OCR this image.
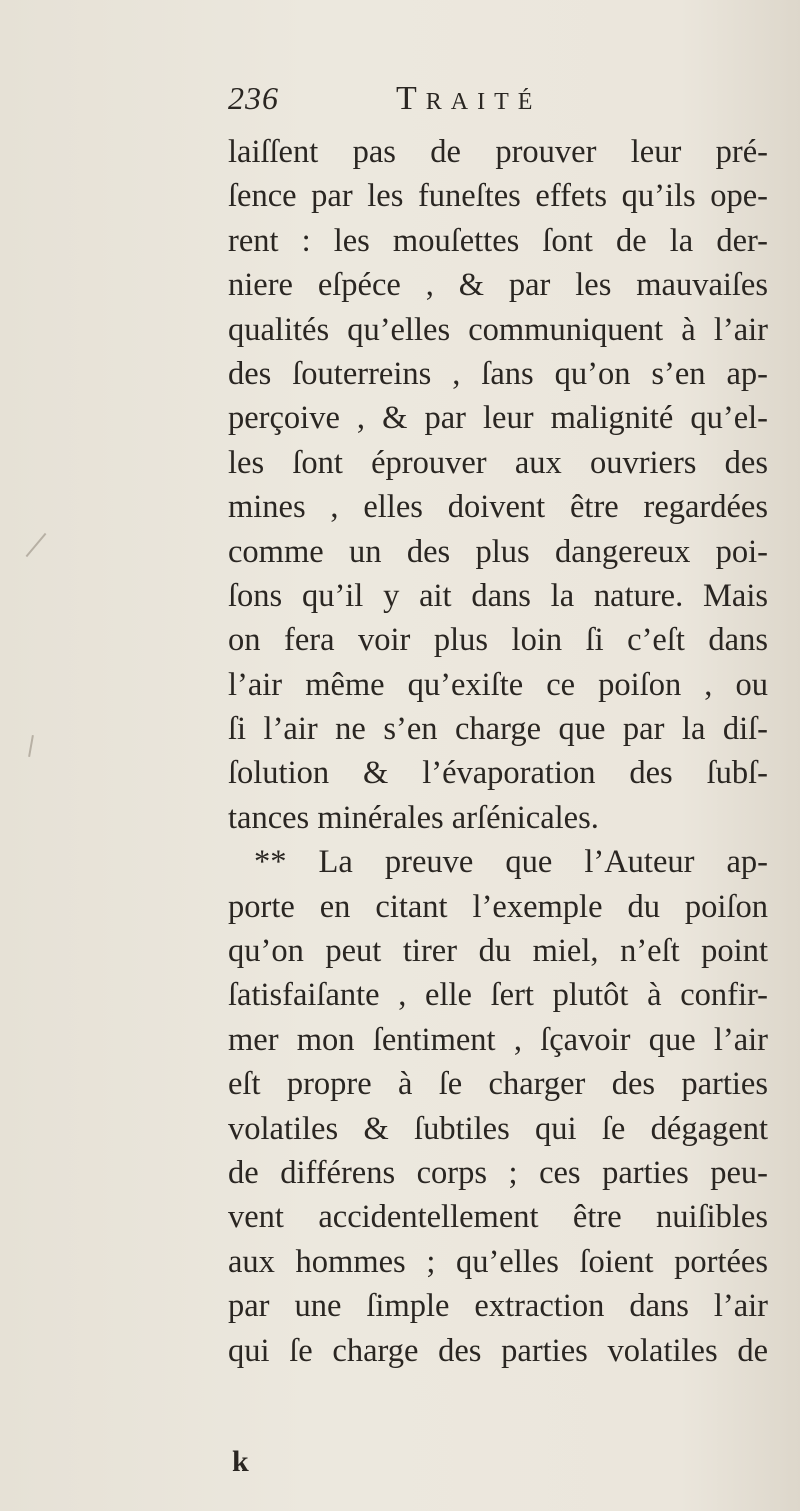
236	Traité
laiſſent pas de prouver leur pré-
ſence par les funeſtes effets qu’ils ope-
rent : les mouſettes ſont de la der-
niere eſpéce , & par les mauvaiſes
qualités qu’elles communiquent à l’air
des ſouterreins , ſans qu’on s’en ap-
perçoive , & par leur malignité qu’el-
les ſont éprouver aux ouvriers des
mines , elles doivent être regardées
comme un des plus dangereux poi-
ſons qu’il y ait dans la nature. Mais
on fera voir plus loin ſi c’eſt dans
l’air même qu’exiſte ce poiſon , ou
ſi l’air ne s’en charge que par la diſ-
ſolution & l’évaporation des ſubſ-
tances minérales arſénicales.
** La preuve que l’Auteur ap-
porte en citant l’exemple du poiſon
qu’on peut tirer du miel, n’eſt point
ſatisfaiſante , elle ſert plutôt à confir-
mer mon ſentiment , ſçavoir que l’air
eſt propre à ſe charger des parties
volatiles & ſubtiles qui ſe dégagent
de différens corps ; ces parties peu-
vent accidentellement être nuiſibles
aux hommes ; qu’elles ſoient portées
par une ſimple extraction dans l’air
qui ſe charge des parties volatiles de
k
